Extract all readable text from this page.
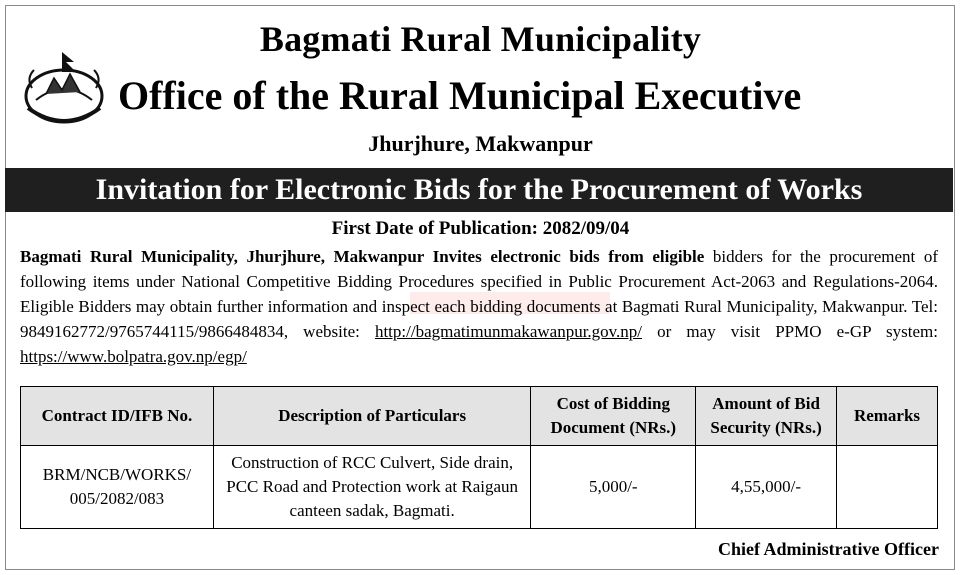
Bagmati Rural Municipality
Office of the Rural Municipal Executive
Jhurjhure, Makwanpur
Invitation for Electronic Bids for the Procurement of Works
First Date of Publication: 2082/09/04
Bagmati Rural Municipality, Jhurjhure, Makwanpur Invites electronic bids from eligible bidders for the procurement of following items under National Competitive Bidding Procedures specified in Public Procurement Act-2063 and Regulations-2064. Eligible Bidders may obtain further information and inspect each bidding documents at Bagmati Rural Municipality, Makwanpur. Tel: 9849162772/9765744115/9866484834, website: http://bagmatimunmakawanpur.gov.np/ or may visit PPMO e-GP system: https://www.bolpatra.gov.np/egp/
Contract ID/IFB No.	Description of Particulars	Cost of Bidding Document (NRs.)	Amount of Bid Security (NRs.)	Remarks
BRM/NCB/WORKS/ 005/2082/083	Construction of RCC Culvert, Side drain, PCC Road and Protection work at Raigaun canteen sadak, Bagmati.	5,000/-	4,55,000/-	
Chief Administrative Officer
